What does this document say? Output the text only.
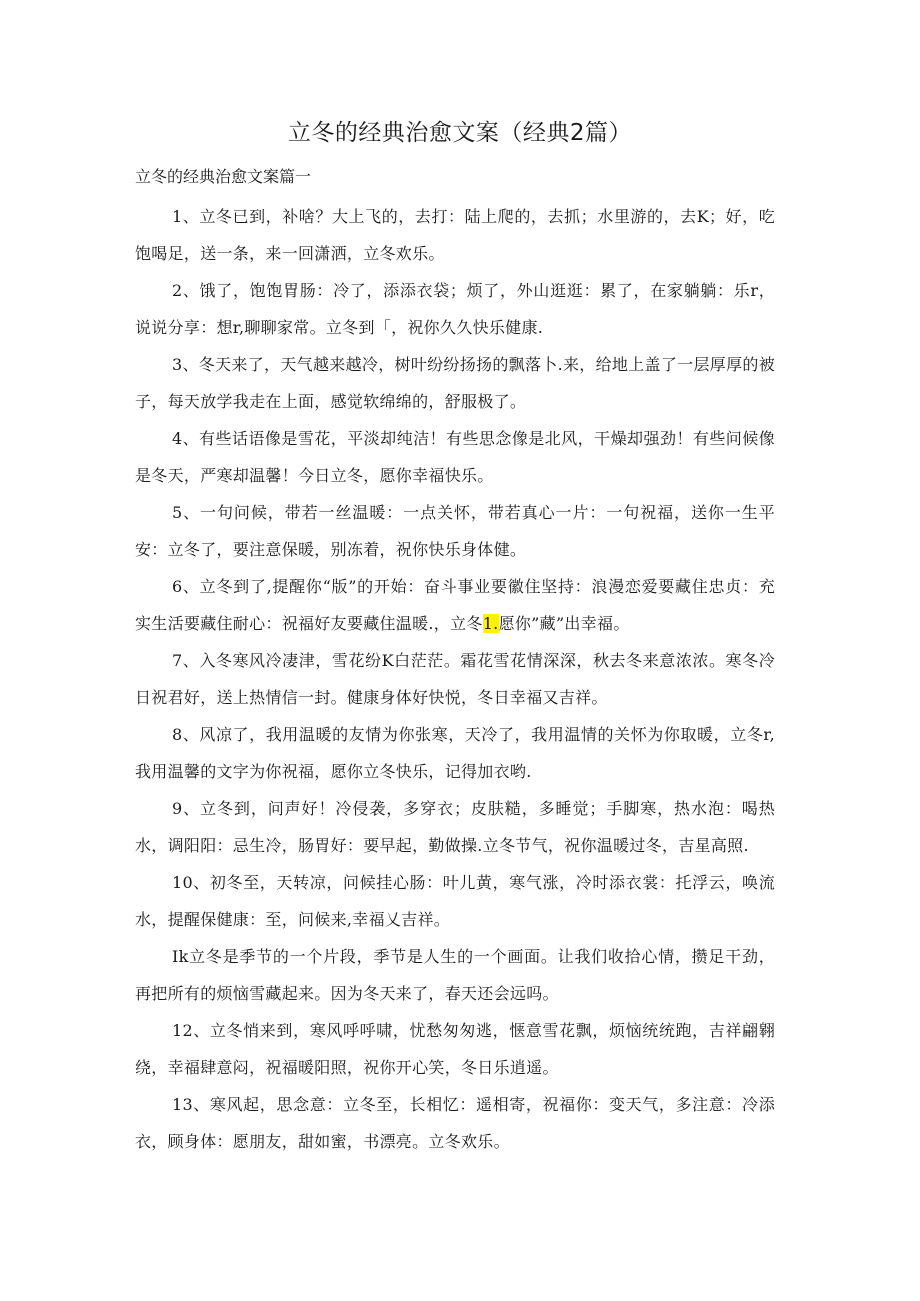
立冬的经典治愈文案（经典2篇）
立冬的经典治愈文案篇一

1、立冬已到，补啥？大上飞的，去打：陆上爬的，去抓；水里游的，去K；好，吃饱喝足，送一条，来一回潇洒，立冬欢乐。

2、饿了，饱饱胃肠：冷了，添添衣袋；烦了，外山逛逛：累了，在家躺躺：乐r，说说分享：想r,聊聊家常。立冬到「，祝你久久快乐健康.

3、冬天来了，天气越来越冷，树叶纷纷扬扬的飘落卜.来，给地上盖了一层厚厚的被子，每天放学我走在上面，感觉软绵绵的，舒服极了。

4、有些话语像是雪花，平淡却纯洁！有些思念像是北风，干燥却强劲！有些问候像是冬天，严寒却温馨！今日立冬，愿你幸福快乐。

5、一句问候，带若一丝温暖：一点关怀，带若真心一片：一句祝福，送你一生平安：立冬了，要注意保暖，别冻着，祝你快乐身体健。

6、立冬到了,提醒你“版”的开始：奋斗事业要徽住坚持：浪漫恋爱要藏住忠贞：充实生活要藏住耐心：祝福好友要藏住温暖.，立冬1.愿你”藏”出幸福。

7、入冬寒风冷凄津，雪花纷K白茫茫。霜花雪花情深深，秋去冬来意浓浓。寒冬冷日祝君好，送上热情信一封。健康身体好快悦，冬日幸福又吉祥。

8、风凉了，我用温暖的友情为你张寒，天冷了，我用温情的关怀为你取暖，立冬r,我用温馨的文字为你祝福，愿你立冬快乐，记得加衣哟.

9、立冬到，问声好！冷侵袭，多穿衣；皮肤糙，多睡觉；手脚寒，热水泡：喝热水，调阳阳：忌生冷，肠胃好：要早起，勤做操.立冬节气，祝你温暖过冬，吉星高照.

10、初冬至，天转凉，问候挂心肠：叶儿黄，寒气涨，冷时添衣裳：托浮云，唤流水，提醒保健康：至，问候来,幸福乂吉祥。

Ik立冬是季节的一个片段，季节是人生的一个画面。让我们收拾心情，攒足干劲，再把所有的烦恼雪藏起来。因为冬天来了，春天还会远吗。

12、立冬悄来到，寒风呼呼啸，忧愁匆匆逃，惬意雪花飘，烦恼统统跑，吉祥翩翱绕，幸福肆意闷，祝福暖阳照，祝你开心笑，冬日乐逍遥。

13、寒风起，思念意：立冬至，长相忆：遥相寄，祝福你：变天气，多注意：冷添衣，顾身体：愿朋友，甜如蜜，书漂亮。立冬欢乐。
